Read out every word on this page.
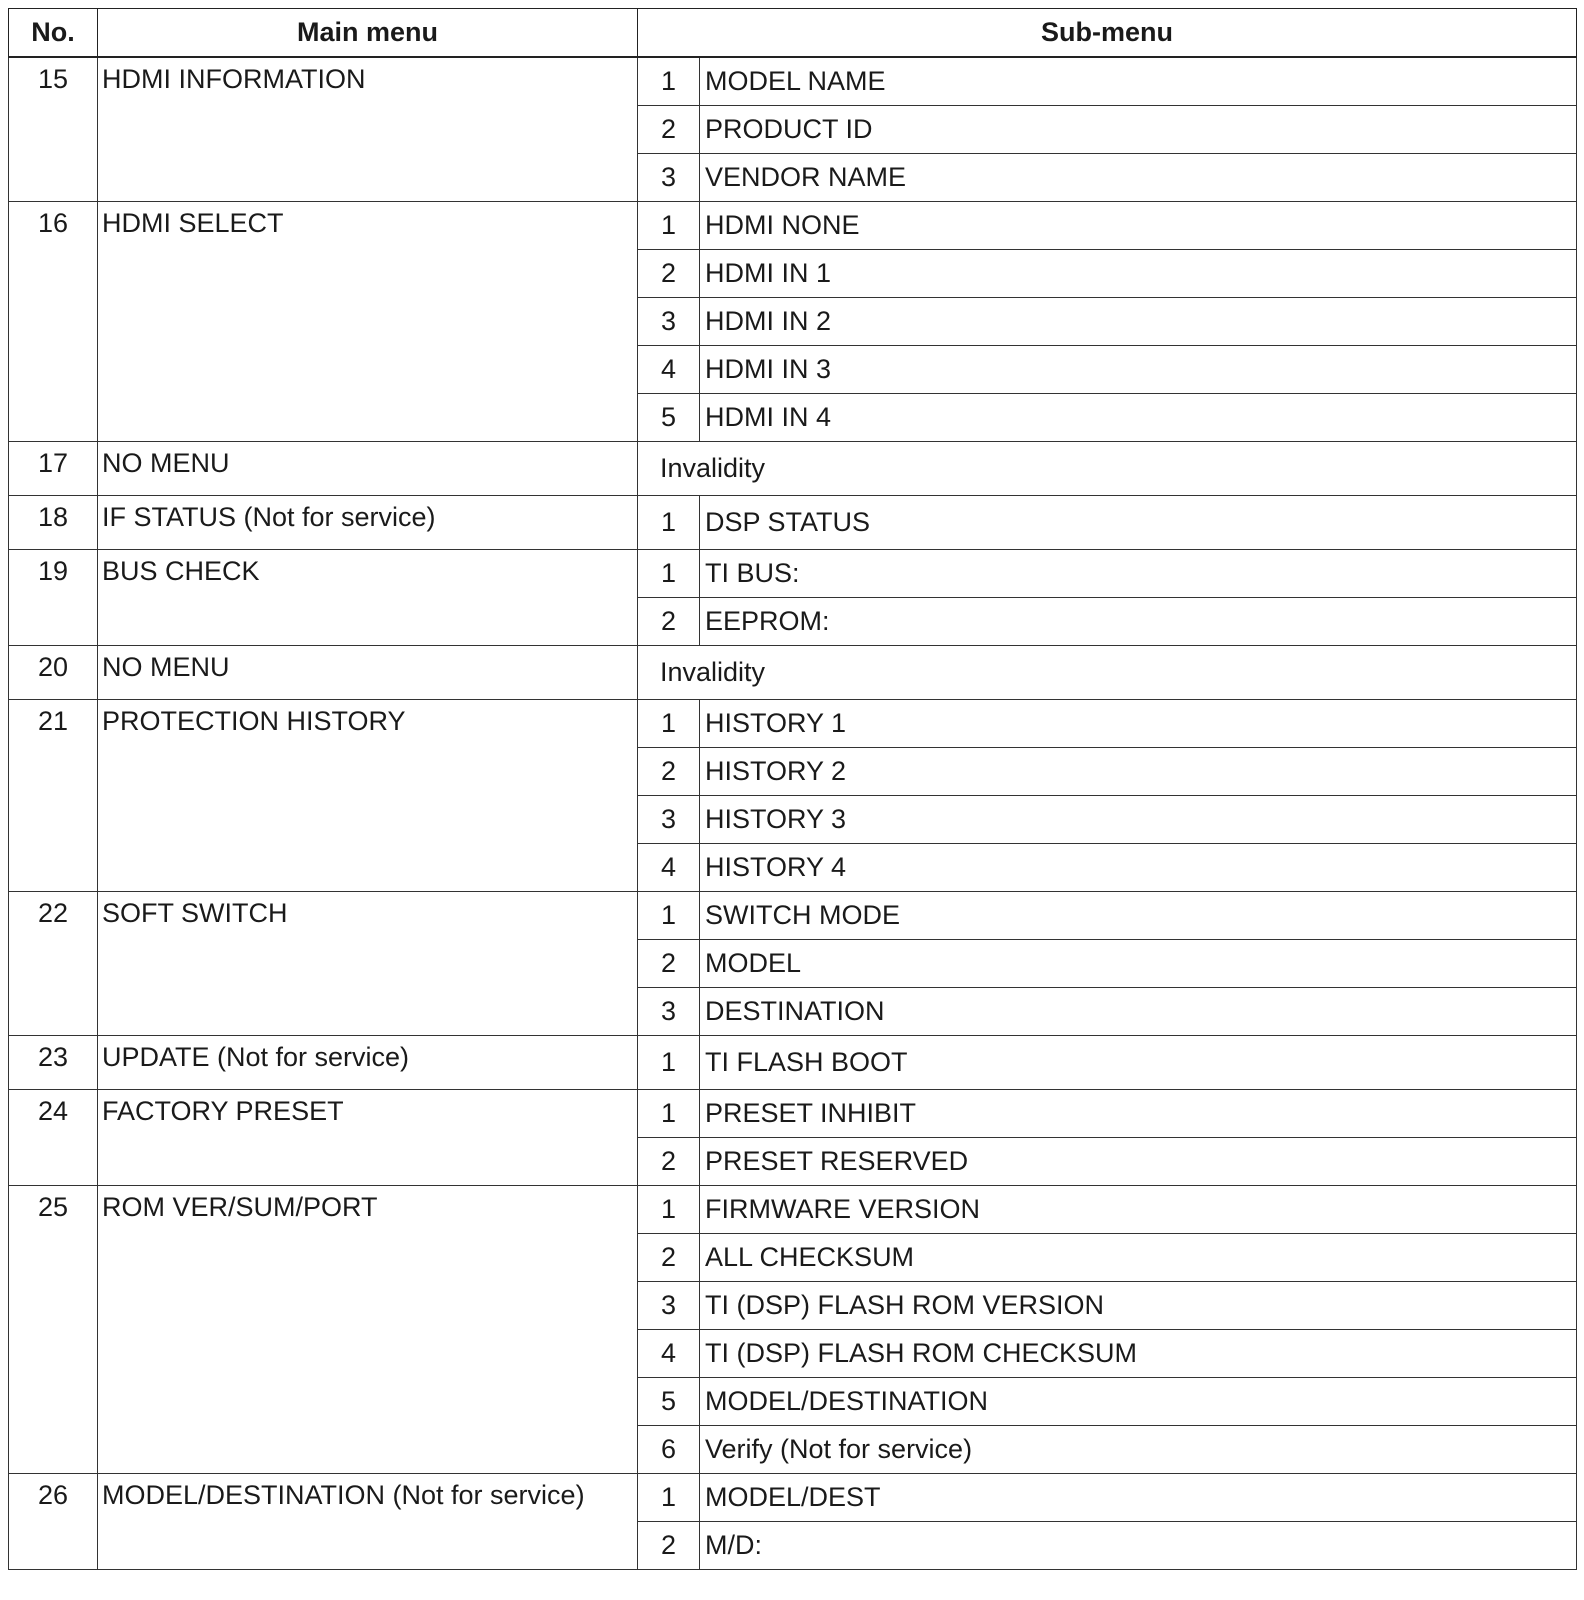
No.	Main menu	Sub-menu	
15	HDMI INFORMATION	1	MODEL NAME
		2	PRODUCT ID
		3	VENDOR NAME
16	HDMI SELECT	1	HDMI NONE
		2	HDMI IN 1
		3	HDMI IN 2
		4	HDMI IN 3
		5	HDMI IN 4
17	NO MENU	Invalidity	
18	IF STATUS (Not for service)	1	DSP STATUS
19	BUS CHECK	1	TI BUS:
		2	EEPROM:
20	NO MENU	Invalidity	
21	PROTECTION HISTORY	1	HISTORY 1
		2	HISTORY 2
		3	HISTORY 3
		4	HISTORY 4
22	SOFT SWITCH	1	SWITCH MODE
		2	MODEL
		3	DESTINATION
23	UPDATE (Not for service)	1	TI FLASH BOOT
24	FACTORY PRESET	1	PRESET INHIBIT
		2	PRESET RESERVED
25	ROM VER/SUM/PORT	1	FIRMWARE VERSION
		2	ALL CHECKSUM
		3	TI (DSP) FLASH ROM VERSION
		4	TI (DSP) FLASH ROM CHECKSUM
		5	MODEL/DESTINATION
		6	Verify (Not for service)
26	MODEL/DESTINATION (Not for service)	1	MODEL/DEST
		2	M/D:
